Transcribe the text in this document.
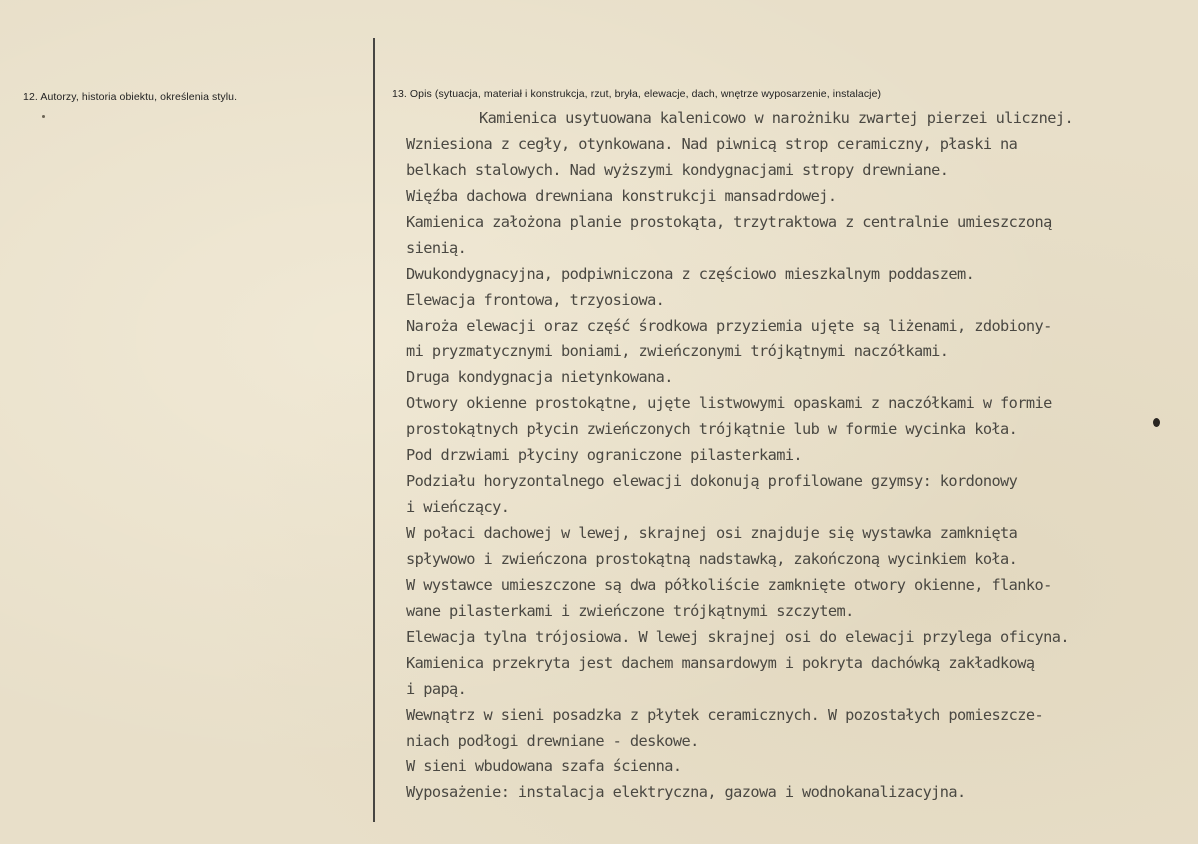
12. Autorzy, historia obiektu, określenia stylu.	13. Opis (sytuacja, materiał i konstrukcja, rzut, bryła, elewacje, dach, wnętrze wyposarzenie, instalacje)
Kamienica usytuowana kalenicowo w narożniku zwartej pierzei ulicznej.
Wzniesiona z cegły, otynkowana. Nad piwnicą strop ceramiczny, płaski na
belkach stalowych. Nad wyższymi kondygnacjami stropy drewniane.
Więźba dachowa drewniana konstrukcji mansadrdowej.
Kamienica założona planie prostokąta, trzytraktowa z centralnie umieszczoną
sienią.
Dwukondygnacyjna, podpiwniczona z częściowo mieszkalnym poddaszem.
Elewacja frontowa, trzyosiowa.
Naroża elewacji oraz część środkowa przyziemia ujęte są liżenami, zdobiony-
mi pryzmatycznymi boniami, zwieńczonymi trójkątnymi naczółkami.
Druga kondygnacja nietynkowana.
Otwory okienne prostokątne, ujęte listwowymi opaskami z naczółkami w formie
prostokątnych płycin zwieńczonych trójkątnie lub w formie wycinka koła.
Pod drzwiami płyciny ograniczone pilasterkami.
Podziału horyzontalnego elewacji dokonują profilowane gzymsy: kordonowy
i wieńczący.
W połaci dachowej w lewej, skrajnej osi znajduje się wystawka zamknięta
spływowo i zwieńczona prostokątną nadstawką, zakończoną wycinkiem koła.
W wystawce umieszczone są dwa półkoliście zamknięte otwory okienne, flanko-
wane pilasterkami i zwieńczone trójkątnymi szczytem.
Elewacja tylna trójosiowa. W lewej skrajnej osi do elewacji przylega oficyna.
Kamienica przekryta jest dachem mansardowym i pokryta dachówką zakładkową
i papą.
Wewnątrz w sieni posadzka z płytek ceramicznych. W pozostałych pomieszcze-
niach podłogi drewniane - deskowe.
W sieni wbudowana szafa ścienna.
Wyposażenie: instalacja elektryczna, gazowa i wodnokanalizacyjna.
